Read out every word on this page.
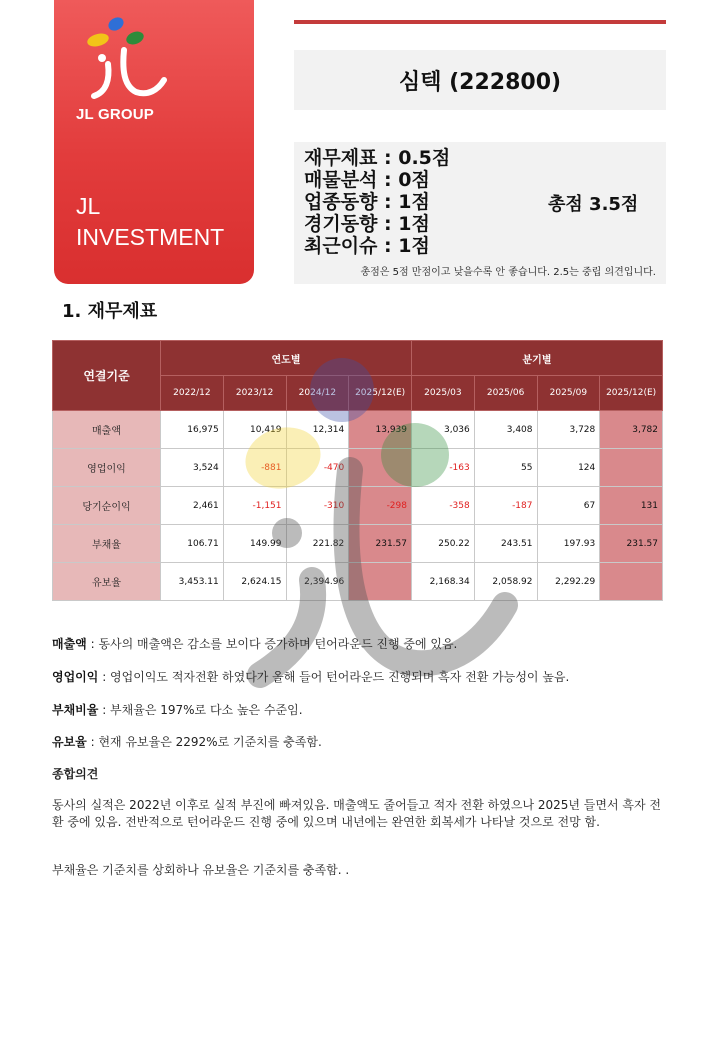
JL GROUP
JL
INVESTMENT
심텍 (222800)
재무제표 : 0.5점
매물분석 : 0점
업종동향 : 1점
경기동향 : 1점
최근이슈 : 1점
총점 3.5점
총점은 5점 만점이고 낮을수록 안 좋습니다. 2.5는 중립 의견입니다.
1. 재무제표
연결기준	연도별				분기별			
	2022/12	2023/12	2024/12	2025/12(E)	2025/03	2025/06	2025/09	2025/12(E)
매출액	16,975	10,419	12,314	13,939	3,036	3,408	3,728	3,782
영업이익	3,524	-881	-470		-163	55	124	
당기순이익	2,461	-1,151	-310	-298	-358	-187	67	131
부채율	106.71	149.99	221.82	231.57	250.22	243.51	197.93	231.57
유보율	3,453.11	2,624.15	2,394.96		2,168.34	2,058.92	2,292.29	
매출액 : 동사의 매출액은 감소를 보이다 증가하며 턴어라운드 진행 중에 있음.
영업이익 : 영업이익도 적자전환 하였다가 올해 들어 턴어라운드 진행되며 흑자 전환 가능성이 높음.
부채비율 : 부채율은 197%로 다소 높은 수준임.
유보율 : 현재 유보율은 2292%로 기준치를 충족함.
종합의견
동사의 실적은 2022년 이후로 실적 부진에 빠져있음. 매출액도 줄어들고 적자 전환 하였으나 2025년 들면서 흑자 전환 중에 있음. 전반적으로 턴어라운드 진행 중에 있으며 내년에는 완연한 회복세가 나타날 것으로 전망 함.
부채율은 기준치를 상회하나 유보율은 기준치를 충족함. .
